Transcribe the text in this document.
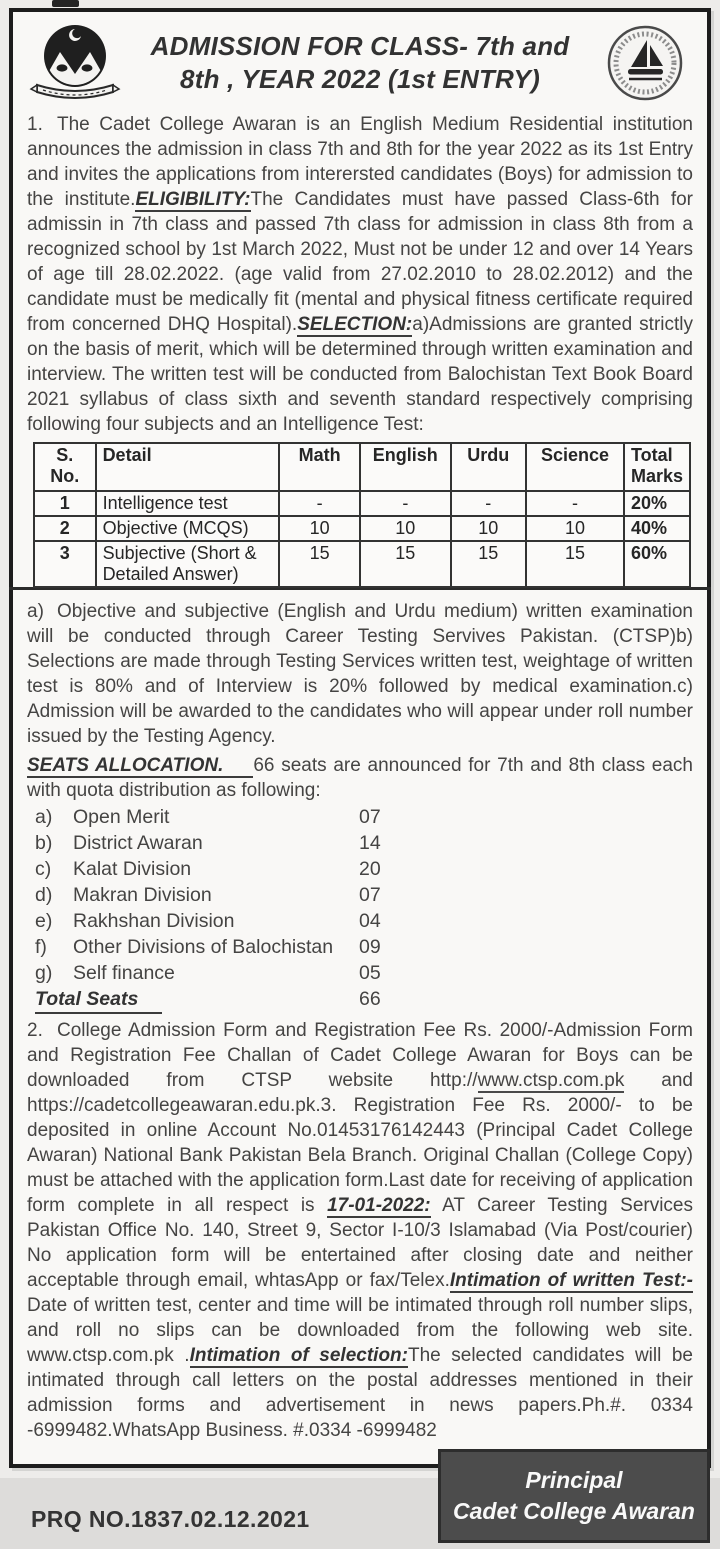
ADMISSION FOR CLASS- 7th and
8th , YEAR 2022 (1st ENTRY)

1. The Cadet College Awaran is an English Medium Residential institution announces the admission in class 7th and 8th for the year 2022 as its 1st Entry and invites the applications from interersted candidates (Boys) for admission to the institute.ELIGIBILITY:The Candidates must have passed Class-6th for admissin in 7th class and passed 7th class for admission in class 8th from a recognized school by 1st March 2022, Must not be under 12 and over 14 Years of age till 28.02.2022. (age valid from 27.02.2010 to 28.02.2012) and the candidate must be medically fit (mental and physical fitness certificate required from concerned DHQ Hospital).SELECTION:a)Admissions are granted strictly on the basis of merit, which will be determined through written examination and interview. The written test will be conducted from Balochistan Text Book Board 2021 syllabus of class sixth and seventh standard respectively comprising following four subjects and an Intelligence Test:

S. No.	Detail	Math	English	Urdu	Science	Total Marks
1	Intelligence test	-	-	-	-	20%
2	Objective (MCQS)	10	10	10	10	40%
3	Subjective (Short & Detailed Answer)	15	15	15	15	60%

a) Objective and subjective (English and Urdu medium) written examination will be conducted through Career Testing Servives Pakistan. (CTSP)b) Selections are made through Testing Services written test, weightage of written test is 80% and of Interview is 20% followed by medical examination.c) Admission will be awarded to the candidates who will appear under roll number issued by the Testing Agency.

SEATS ALLOCATION. 66 seats are announced for 7th and 8th class each with quota distribution as following:

a)	Open Merit	07
b)	District Awaran	14
c)	Kalat Division	20
d)	Makran Division	07
e)	Rakhshan Division	04
f)	Other Divisions of Balochistan	09
g)	Self finance	05
Total Seats	66

2. College Admission Form and Registration Fee Rs. 2000/-Admission Form and Registration Fee Challan of Cadet College Awaran for Boys can be downloaded from CTSP website http://www.ctsp.com.pk and https://cadetcollegeawaran.edu.pk.3. Registration Fee Rs. 2000/- to be deposited in online Account No.01453176142443 (Principal Cadet College Awaran) National Bank Pakistan Bela Branch. Original Challan (College Copy) must be attached with the application form.Last date for receiving of application form complete in all respect is 17-01-2022: AT Career Testing Services Pakistan Office No. 140, Street 9, Sector I-10/3 Islamabad (Via Post/courier) No application form will be entertained after closing date and neither acceptable through email, whtasApp or fax/Telex.Intimation of written Test:-Date of written test, center and time will be intimated through roll number slips, and roll no slips can be downloaded from the following web site. www.ctsp.com.pk .Intimation of selection:The selected candidates will be intimated through call letters on the postal addresses mentioned in their admission forms and advertisement in news papers.Ph.#. 0334 -6999482.WhatsApp Business. #.0334 -6999482

PRQ NO.1837.02.12.2021
Principal
Cadet College Awaran
